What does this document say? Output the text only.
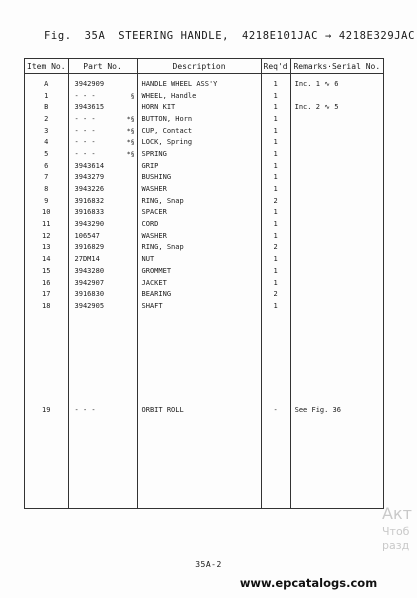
Fig. 35A STEERING HANDLE, 4218E101JAC → 4218E329JAC
Item No.	Part No.	Description	Req'd	Remarks·Serial No.

A	3942909	HANDLE WHEEL ASS'Y	1	Inc. 1 ∿ 6
1	- - - §	WHEEL, Handle	1	
B	3943615	HORN KIT	1	Inc. 2 ∿ 5
2	- - - *§	BUTTON, Horn	1	
3	- - - *§	CUP, Contact	1	
4	- - - *§	LOCK, Spring	1	
5	- - - *§	SPRING	1	
6	3943614	GRIP	1	
7	3943279	BUSHING	1	
8	3943226	WASHER	1	
9	3916832	RING, Snap	2	
10	3916833	SPACER	1	
11	3943290	CORD	1	
12	106547	WASHER	1	
13	3916829	RING, Snap	2	
14	27DM14	NUT	1	
15	3943280	GROMMET	1	
16	3942907	JACKET	1	
17	3916830	BEARING	2	
18	3942905	SHAFT	1	
19	- - -	ORBIT ROLL	-	See Fig. 36
35A-2
www.epcatalogs.com
Акт
Чтоб
разд
